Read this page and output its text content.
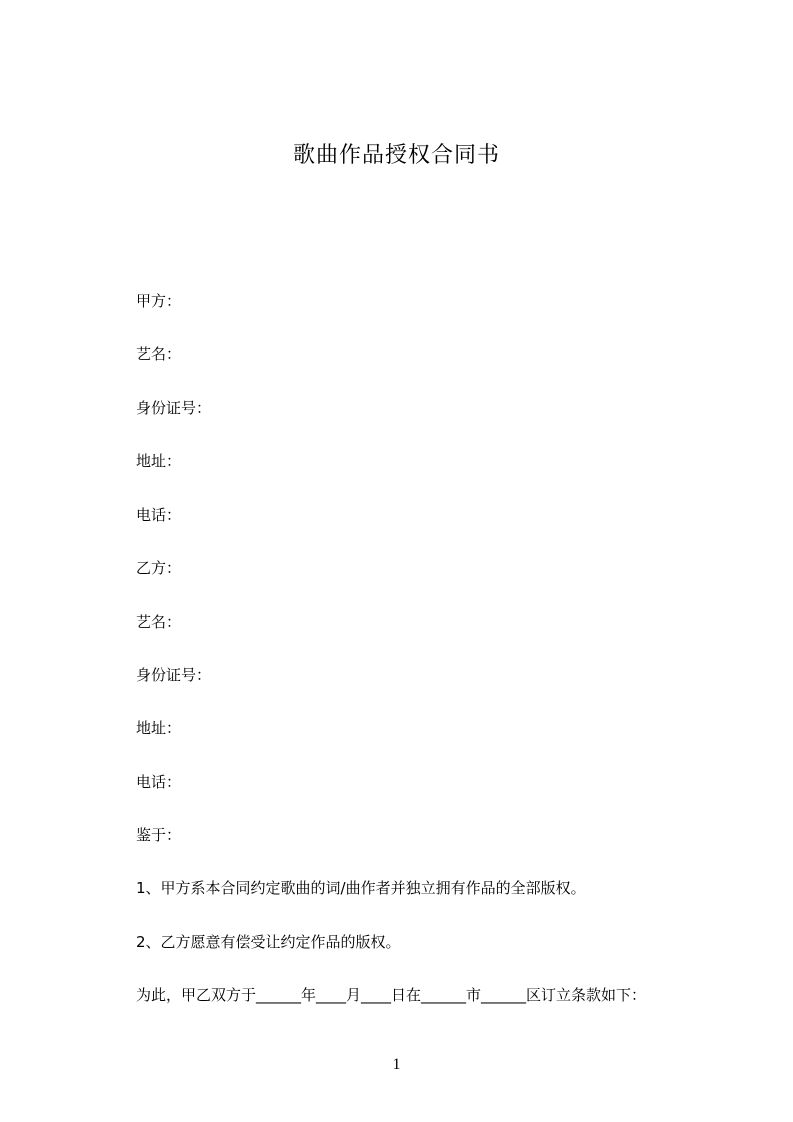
歌曲作品授权合同书
甲方：
艺名：
身份证号：
地址：
电话：
乙方：
艺名：
身份证号：
地址：
电话：
鉴于：
1、甲方系本合同约定歌曲的词/曲作者并独立拥有作品的全部版权。
2、乙方愿意有偿受让约定作品的版权。
为此，甲乙双方于______年____月____日在______市______区订立条款如下：
1
